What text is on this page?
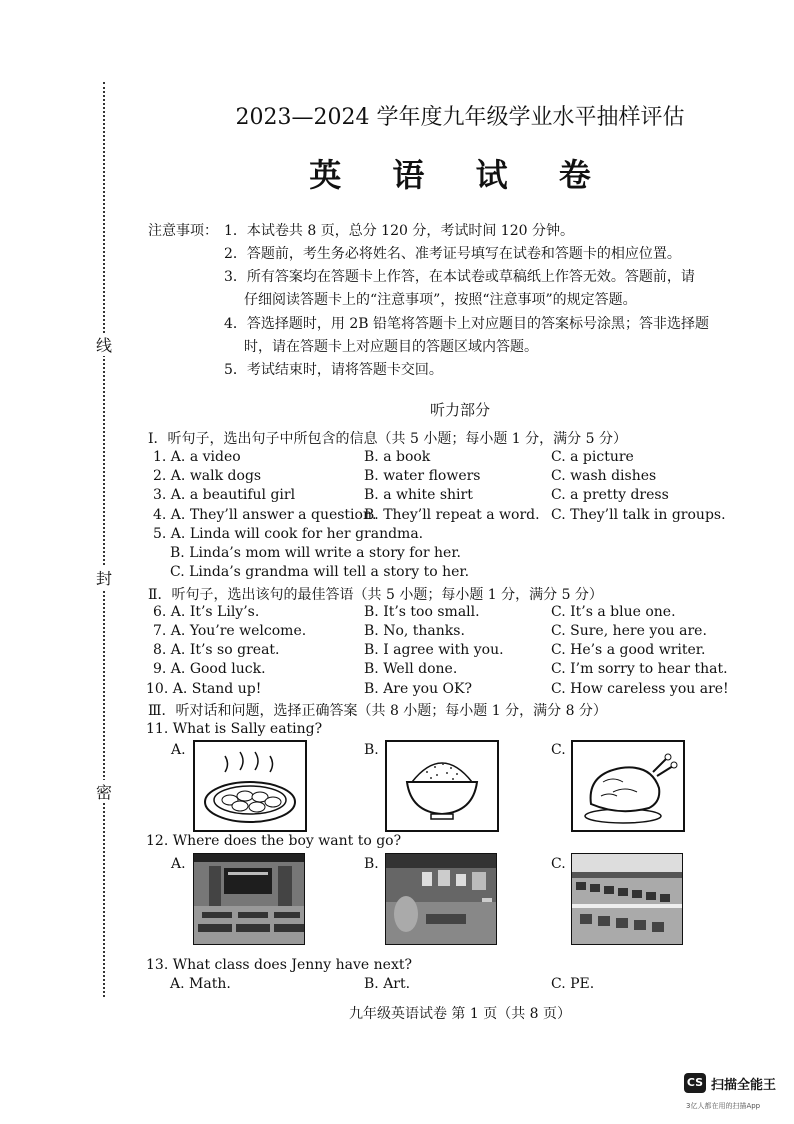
线
封
密
2023—2024 学年度九年级学业水平抽样评估
英 语 试 卷
注意事项： 1．本试卷共 8 页，总分 120 分，考试时间 120 分钟。
2．答题前，考生务必将姓名、准考证号填写在试卷和答题卡的相应位置。
3．所有答案均在答题卡上作答，在本试卷或草稿纸上作答无效。答题前，请
仔细阅读答题卡上的“注意事项”，按照“注意事项”的规定答题。
4．答选择题时，用 2B 铅笔将答题卡上对应题目的答案标号涂黑；答非选择题
时，请在答题卡上对应题目的答题区域内答题。
5．考试结束时，请将答题卡交回。
听力部分
Ⅰ．听句子，选出句子中所包含的信息（共 5 小题；每小题 1 分，满分 5 分）
1. A. a video	B. a book	C. a picture
2. A. walk dogs	B. water flowers	C. wash dishes
3. A. a beautiful girl	B. a white shirt	C. a pretty dress
4. A. They’ll answer a question.
B. They’ll repeat a word. C. They’ll talk in groups.
5. A. Linda will cook for her grandma.
B. Linda’s mom will write a story for her.
C. Linda’s grandma will tell a story to her.
Ⅱ．听句子，选出该句的最佳答语（共 5 小题；每小题 1 分，满分 5 分）
6. A. It’s Lily’s.	B. It’s too small.	C. It’s a blue one.
7. A. You’re welcome.	B. No, thanks.	C. Sure, here you are.
8. A. It’s so great.	B. I agree with you.	C. He’s a good writer.
9. A. Good luck.	B. Well done.	C. I’m sorry to hear that.
10. A. Stand up!	B. Are you OK?	C. How careless you are!
Ⅲ．听对话和问题，选择正确答案（共 8 小题；每小题 1 分，满分 8 分）
11. What is Sally eating?
A.	B.	C.
12. Where does the boy want to go?
A.	B.	C.
13. What class does Jenny have next?
A. Math.	B. Art.	C. PE.
九年级英语试卷 第 1 页（共 8 页）
CS 扫描全能王
3亿人都在用的扫描App
